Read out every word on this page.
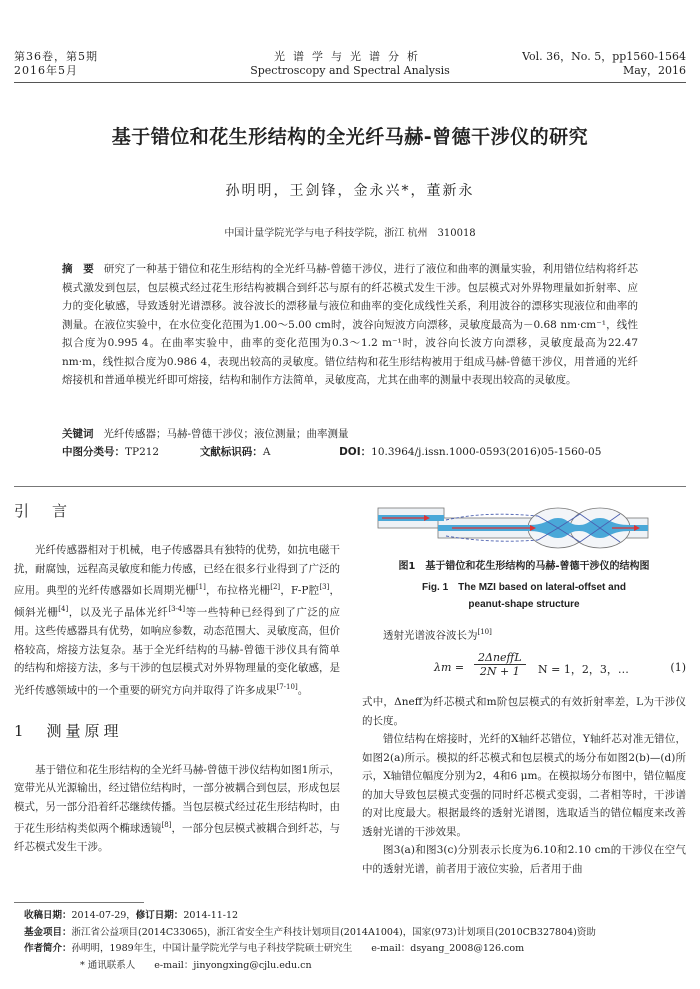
第36卷，第5期
2016年5月
光谱学与光谱分析
Spectroscopy and Spectral Analysis
Vol. 36，No. 5，pp1560-1564
May，2016
基于错位和花生形结构的全光纤马赫-曾德干涉仪的研究
孙明明，王剑锋，金永兴*，董新永
中国计量学院光学与电子科技学院，浙江 杭州　310018
摘　要 研究了一种基于错位和花生形结构的全光纤马赫-曾德干涉仪，进行了液位和曲率的测量实验，利用错位结构将纤芯模式激发到包层，包层模式经过花生形结构被耦合到纤芯与原有的纤芯模式发生干涉。包层模式对外界物理量如折射率、应力的变化敏感，导致透射光谱漂移。波谷波长的漂移量与液位和曲率的变化成线性关系，利用波谷的漂移实现液位和曲率的测量。在液位实验中，在水位变化范围为1.00～5.00 cm时，波谷向短波方向漂移，灵敏度最高为－0.68 nm·cm⁻¹，线性拟合度为0.995 4。在曲率实验中，曲率的变化范围为0.3～1.2 m⁻¹时，波谷向长波方向漂移，灵敏度最高为22.47 nm·m，线性拟合度为0.986 4，表现出较高的灵敏度。错位结构和花生形结构被用于组成马赫-曾德干涉仪，用普通的光纤熔接机和普通单模光纤即可熔接，结构和制作方法简单，灵敏度高，尤其在曲率的测量中表现出较高的灵敏度。
关键词 光纤传感器；马赫-曾德干涉仪；液位测量；曲率测量
中图分类号：TP212	文献标识码：A	DOI：10.3964/j.issn.1000-0593(2016)05-1560-05
引　言
光纤传感器相对于机械，电子传感器具有独特的优势，如抗电磁干扰，耐腐蚀，远程高灵敏度和能力传感，已经在很多行业得到了广泛的应用。典型的光纤传感器如长周期光栅[1]，布拉格光栅[2]，F-P腔[3]，倾斜光栅[4]，以及光子晶体光纤[3-4]等一些特种已经得到了广泛的应用。这些传感器具有优势，如响应参数，动态范围大、灵敏度高，但价格较高，熔接方法复杂。基于全光纤结构的马赫-曾德干涉仪具有简单的结构和熔接方法，多与干涉的包层模式对外界物理量的变化敏感，是光纤传感领域中的一个重要的研究方向并取得了许多成果[7-10]。
1　测量原理
基于错位和花生形结构的全光纤马赫-曾德干涉仪结构如图1所示，宽带光从光源输出，经过错位结构时，一部分被耦合到包层，形成包层模式，另一部分沿着纤芯继续传播。当包层模式经过花生形结构时，由于花生形结构类似两个椭球透镜[8]，一部分包层模式被耦合到纤芯，与纤芯模式发生干涉。
图1　基于错位和花生形结构的马赫-曾德干涉仪的结构图
Fig. 1　The MZI based on lateral-offset and peanut-shape structure
透射光谱波谷波长为[10]
λm =
2ΔneffL
2N + 1	N = 1，2，3，…	(1)
式中，Δneff为纤芯模式和m阶包层模式的有效折射率差，L为干涉仪的长度。
错位结构在熔接时，光纤的X轴纤芯错位，Y轴纤芯对准无错位，如图2(a)所示。模拟的纤芯模式和包层模式的场分布如图2(b)—(d)所示，X轴错位幅度分别为2，4和6 μm。在模拟场分布图中，错位幅度的加大导致包层模式变强的同时纤芯模式变弱，二者相等时，干涉谱的对比度最大。根据最终的透射光谱图，选取适当的错位幅度来改善透射光谱的干涉效果。
图3(a)和图3(c)分别表示长度为6.10和2.10 cm的干涉仪在空气中的透射光谱，前者用于液位实验，后者用于曲
收稿日期：2014-07-29，修订日期：2014-11-12
基金项目：浙江省公益项目(2014C33065)，浙江省安全生产科技计划项目(2014A1004)，国家(973)计划项目(2010CB327804)资助
作者简介：孙明明，1989年生，中国计量学院光学与电子科技学院硕士研究生　　e-mail：dsyang_2008@126.com
* 通讯联系人　　e-mail：jinyongxing@cjlu.edu.cn
